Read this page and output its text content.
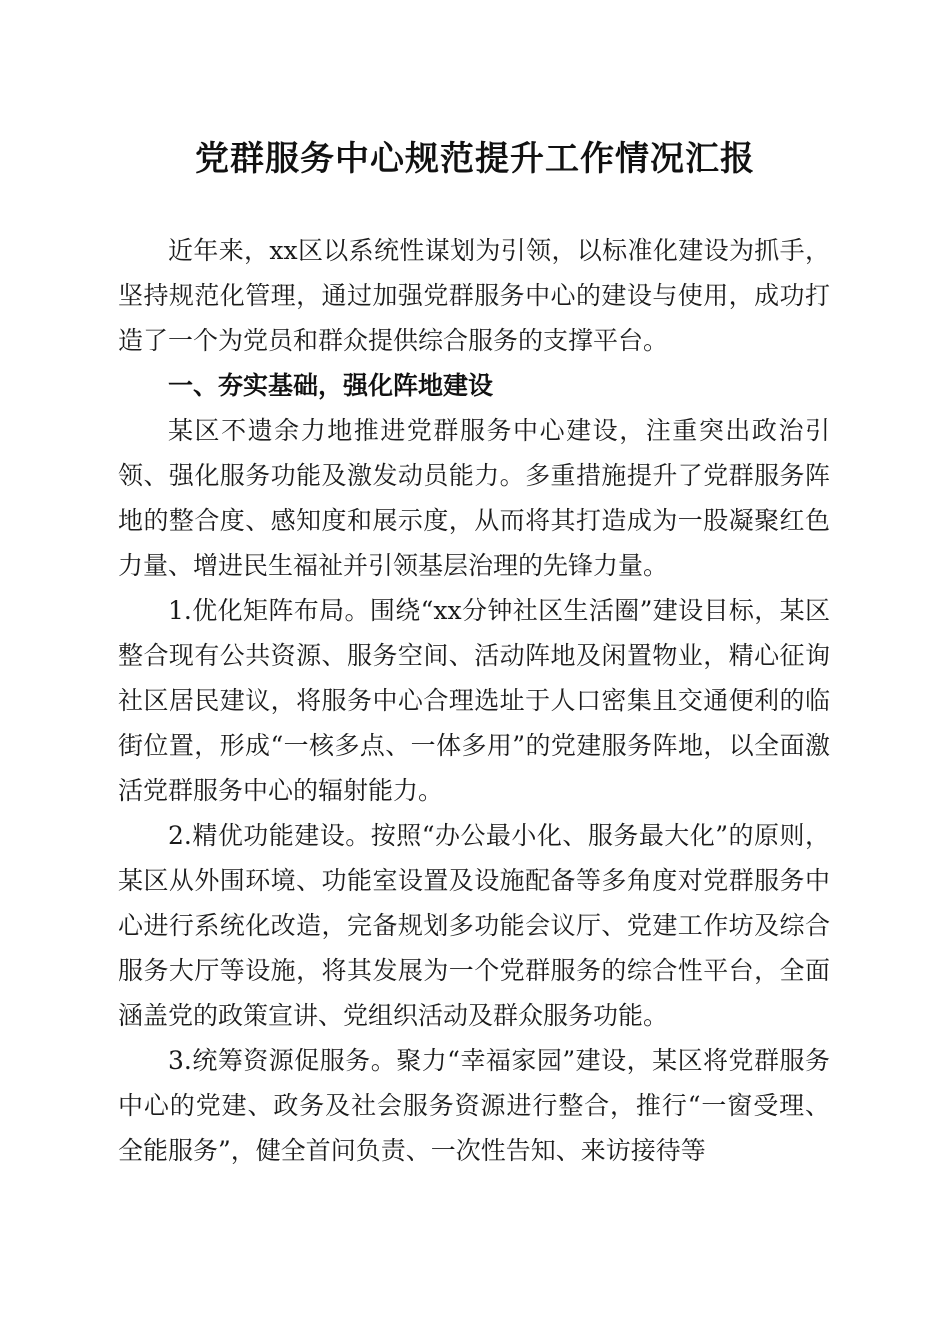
党群服务中心规范提升工作情况汇报

近年来，xx区以系统性谋划为引领，以标准化建设为抓手，坚持规范化管理，通过加强党群服务中心的建设与使用，成功打造了一个为党员和群众提供综合服务的支撑平台。

一、夯实基础，强化阵地建设

某区不遗余力地推进党群服务中心建设，注重突出政治引领、强化服务功能及激发动员能力。多重措施提升了党群服务阵地的整合度、感知度和展示度，从而将其打造成为一股凝聚红色力量、增进民生福祉并引领基层治理的先锋力量。

1.优化矩阵布局。围绕“xx分钟社区生活圈”建设目标，某区整合现有公共资源、服务空间、活动阵地及闲置物业，精心征询社区居民建议，将服务中心合理选址于人口密集且交通便利的临街位置，形成“一核多点、一体多用”的党建服务阵地，以全面激活党群服务中心的辐射能力。

2.精优功能建设。按照“办公最小化、服务最大化”的原则，某区从外围环境、功能室设置及设施配备等多角度对党群服务中心进行系统化改造，完备规划多功能会议厅、党建工作坊及综合服务大厅等设施，将其发展为一个党群服务的综合性平台，全面涵盖党的政策宣讲、党组织活动及群众服务功能。

3.统筹资源促服务。聚力“幸福家园”建设，某区将党群服务中心的党建、政务及社会服务资源进行整合，推行“一窗受理、全能服务”，健全首问负责、一次性告知、来访接待等
